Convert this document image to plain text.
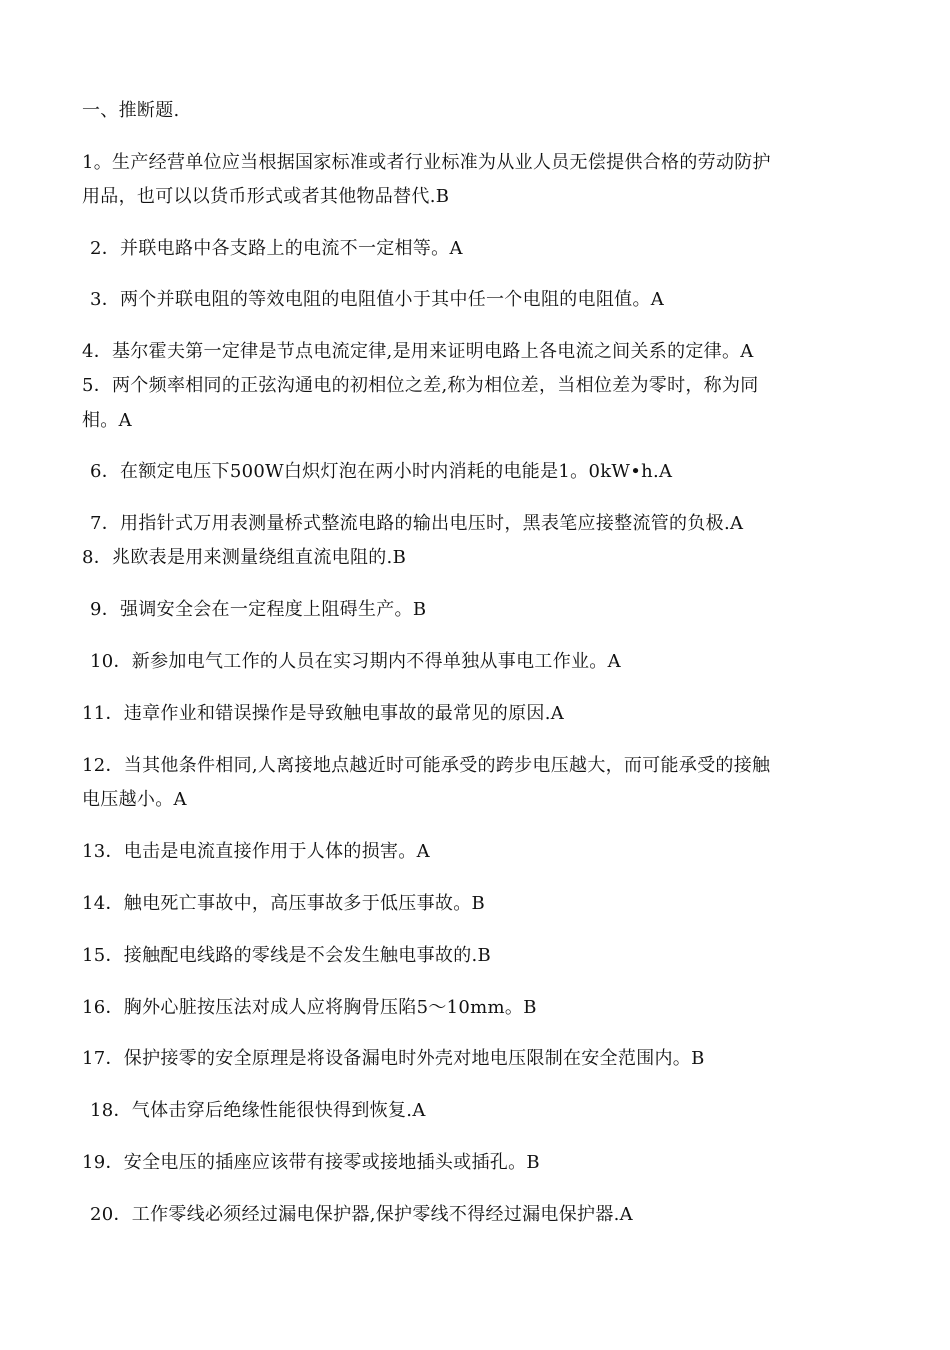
一、推断题.
1。生产经营单位应当根据国家标准或者行业标准为从业人员无偿提供合格的劳动防护
用品，也可以以货币形式或者其他物品替代.B
2．并联电路中各支路上的电流不一定相等。A
3．两个并联电阻的等效电阻的电阻值小于其中任一个电阻的电阻值。A
4．基尔霍夫第一定律是节点电流定律,是用来证明电路上各电流之间关系的定律。A
5．两个频率相同的正弦沟通电的初相位之差,称为相位差，当相位差为零时，称为同
相。A
6．在额定电压下500W白炽灯泡在两小时内消耗的电能是1。0kW•h.A
7．用指针式万用表测量桥式整流电路的输出电压时，黑表笔应接整流管的负极.A
8．兆欧表是用来测量绕组直流电阻的.B
9．强调安全会在一定程度上阻碍生产。B
10．新参加电气工作的人员在实习期内不得单独从事电工作业。A
11．违章作业和错误操作是导致触电事故的最常见的原因.A
12．当其他条件相同,人离接地点越近时可能承受的跨步电压越大，而可能承受的接触
电压越小。A
13．电击是电流直接作用于人体的损害。A
14．触电死亡事故中，高压事故多于低压事故。B
15．接触配电线路的零线是不会发生触电事故的.B
16．胸外心脏按压法对成人应将胸骨压陷5～10mm。B
17．保护接零的安全原理是将设备漏电时外壳对地电压限制在安全范围内。B
18．气体击穿后绝缘性能很快得到恢复.A
19．安全电压的插座应该带有接零或接地插头或插孔。B
20．工作零线必须经过漏电保护器,保护零线不得经过漏电保护器.A
